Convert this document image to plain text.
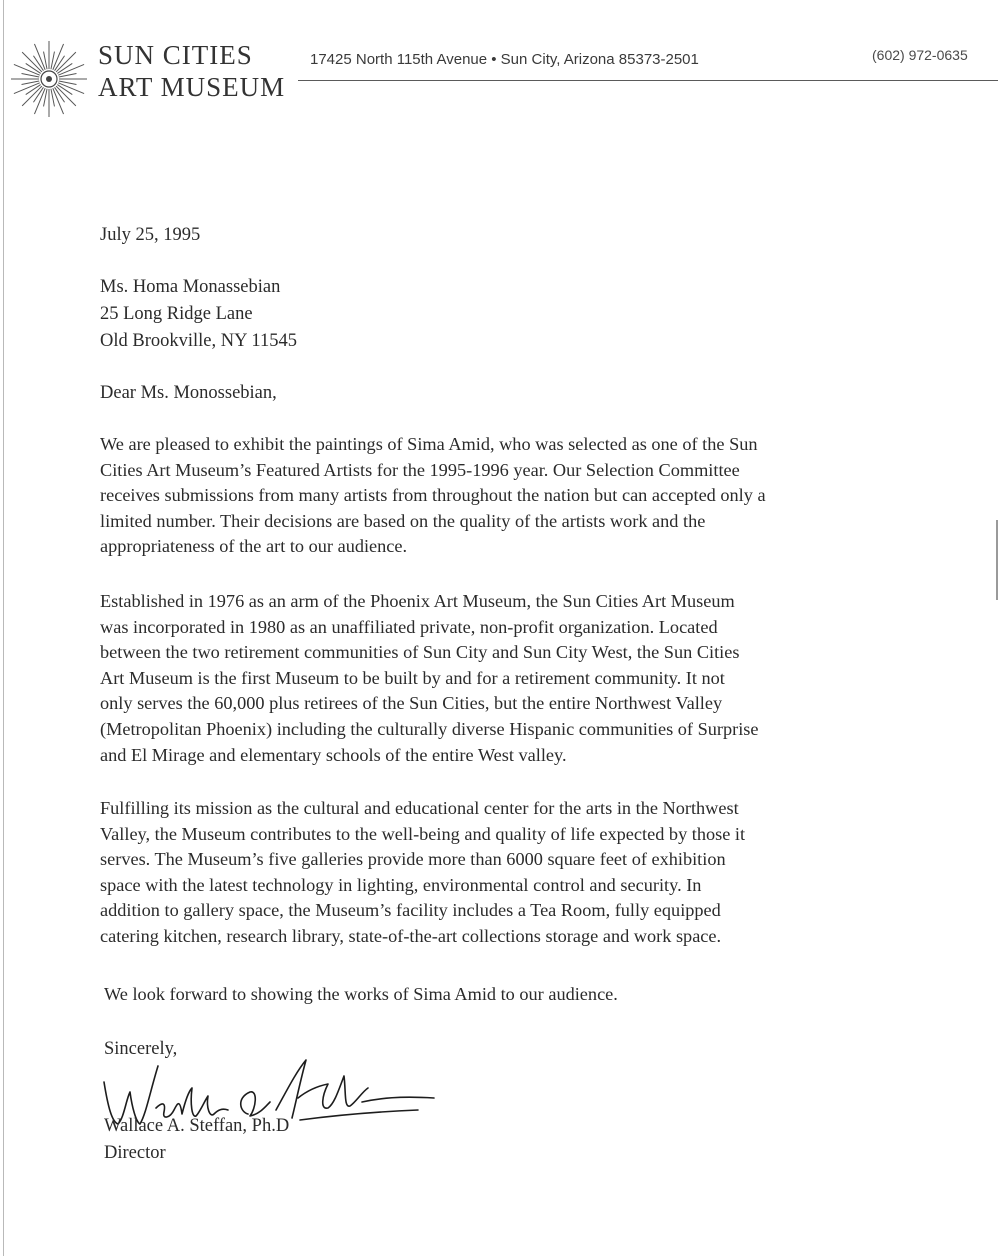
SUN CITIES
ART MUSEUM
17425 North 115th Avenue • Sun City, Arizona 85373-2501	(602) 972-0635
July 25, 1995
Ms. Homa Monassebian
25 Long Ridge Lane
Old Brookville, NY 11545
Dear Ms. Monossebian,
We are pleased to exhibit the paintings of Sima Amid, who was selected as one of the Sun
Cities Art Museum’s Featured Artists for the 1995-1996 year. Our Selection Committee
receives submissions from many artists from throughout the nation but can accepted only a
limited number. Their decisions are based on the quality of the artists work and the
appropriateness of the art to our audience.
Established in 1976 as an arm of the Phoenix Art Museum, the Sun Cities Art Museum
was incorporated in 1980 as an unaffiliated private, non-profit organization. Located
between the two retirement communities of Sun City and Sun City West, the Sun Cities
Art Museum is the first Museum to be built by and for a retirement community. It not
only serves the 60,000 plus retirees of the Sun Cities, but the entire Northwest Valley
(Metropolitan Phoenix) including the culturally diverse Hispanic communities of Surprise
and El Mirage and elementary schools of the entire West valley.
Fulfilling its mission as the cultural and educational center for the arts in the Northwest
Valley, the Museum contributes to the well-being and quality of life expected by those it
serves. The Museum’s five galleries provide more than 6000 square feet of exhibition
space with the latest technology in lighting, environmental control and security. In
addition to gallery space, the Museum’s facility includes a Tea Room, fully equipped
catering kitchen, research library, state-of-the-art collections storage and work space.
We look forward to showing the works of Sima Amid to our audience.
Sincerely,
Wallace A. Steffan, Ph.D
Director
